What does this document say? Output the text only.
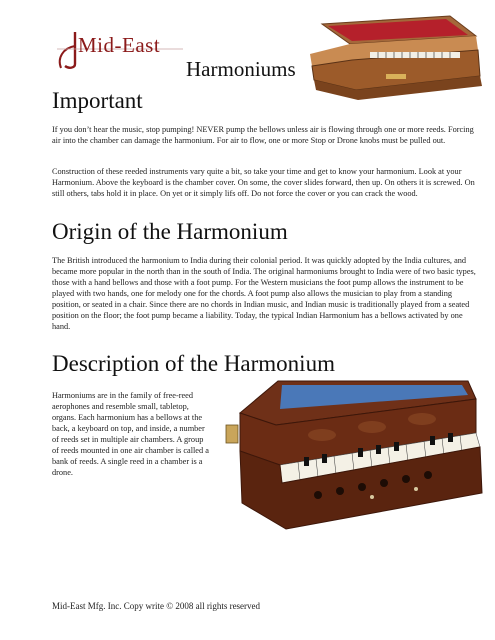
Mid-East
Harmoniums
Important

If you don’t hear the music, stop pumping! NEVER pump the bellows unless air is flowing through one or more reeds. Forcing air into the chamber can damage the harmonium. For air to flow, one or more Stop or Drone knobs must be pulled out.

Construction of these reeded instruments vary quite a bit, so take your time and get to know your harmonium. Look at your Harmonium. Above the keyboard is the chamber cover. On some, the cover slides forward, then up. On others it is screwed. On still others, tabs hold it in place. On yet or it simply lifs off. Do not force the cover or you can crack the wood.

Origin of the Harmonium

The British introduced the harmonium to India during their colonial period. It was quickly adopted by the India cultures, and became more popular in the north than in the south of India. The original harmoniums brought to India were of two basic types, those with a hand bellows and those with a foot pump. For the Western musicians the foot pump allows the instrument to be played with two hands, one for melody one for the chords. A foot pump also allows the musician to play from a standing position, or seated in a chair. Since there are no chords in Indian music, and Indian music is traditionally played from a seated position on the floor; the foot pump became a liability. Today, the typical Indian Harmonium has a bellows activated by one hand.

Description of the Harmonium

Harmoniums are in the family of free-reed aerophones and resemble small, tabletop, organs. Each harmonium has a bellows at the back, a keyboard on top, and inside, a number of reeds set in multiple air chambers. A group of reeds mounted in one air chamber is called a bank of reeds. A single reed in a chamber is a drone.

Mid-East Mfg. Inc. Copy write © 2008 all rights reserved
